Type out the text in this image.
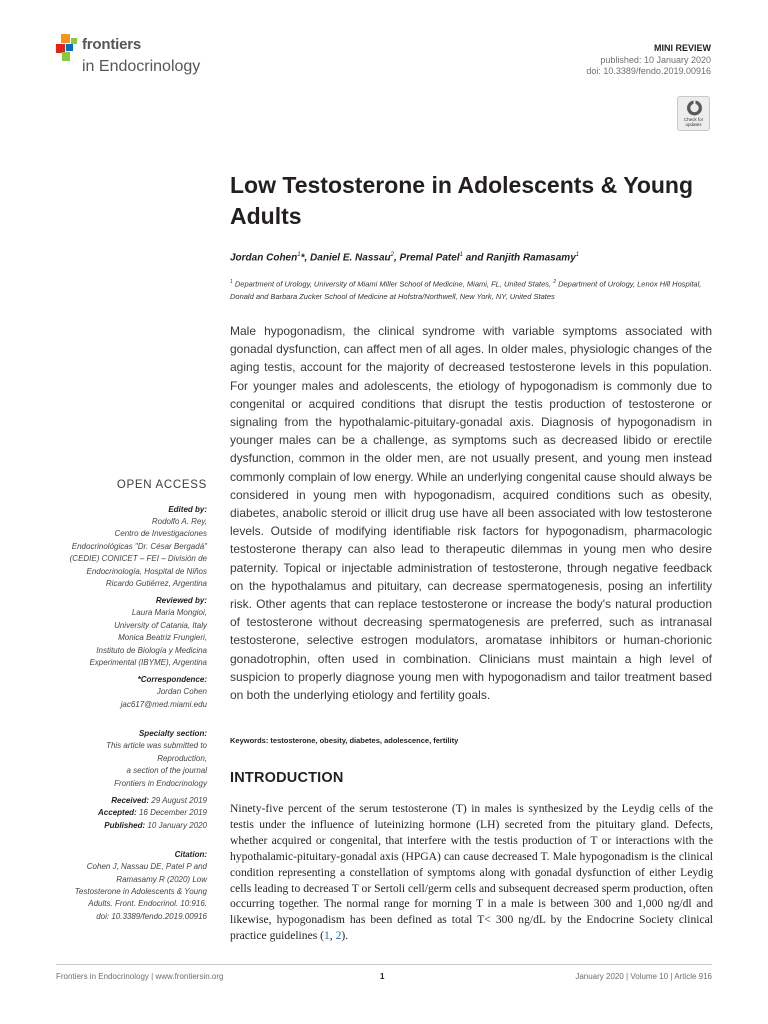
frontiers
in Endocrinology
MINI REVIEW
published: 10 January 2020
doi: 10.3389/fendo.2019.00916
Check for updates
Low Testosterone in Adolescents & Young Adults
Jordan Cohen$^1$*, Daniel E. Nassau$^2$, Premal Patel$^1$ and Ranjith Ramasamy$^1$
$^1$ Department of Urology, University of Miami Miller School of Medicine, Miami, FL, United States, $^2$ Department of Urology, Lenox Hill Hospital, Donald and Barbara Zucker School of Medicine at Hofstra/Northwell, New York, NY, United States

Male hypogonadism, the clinical syndrome with variable symptoms associated with gonadal dysfunction, can affect men of all ages. In older males, physiologic changes of the aging testis, account for the majority of decreased testosterone levels in this population. For younger males and adolescents, the etiology of hypogonadism is commonly due to congenital or acquired conditions that disrupt the testis production of testosterone or signaling from the hypothalamic-pituitary-gonadal axis. Diagnosis of hypogonadism in younger males can be a challenge, as symptoms such as decreased libido or erectile dysfunction, common in the older men, are not usually present, and young men instead commonly complain of low energy. While an underlying congenital cause should always be considered in young men with hypogonadism, acquired conditions such as obesity, diabetes, anabolic steroid or illicit drug use have all been associated with low testosterone levels. Outside of modifying identifiable risk factors for hypogonadism, pharmacologic testosterone therapy can also lead to therapeutic dilemmas in young men who desire paternity. Topical or injectable administration of testosterone, through negative feedback on the hypothalamus and pituitary, can decrease spermatogenesis, posing an infertility risk. Other agents that can replace testosterone or increase the body's natural production of testosterone without decreasing spermatogenesis are preferred, such as intranasal testosterone, selective estrogen modulators, aromatase inhibitors or human-chorionic gonadotrophin, often used in combination. Clinicians must maintain a high level of suspicion to properly diagnose young men with hypogonadism and tailor treatment based on both the underlying etiology and fertility goals.

Keywords: testosterone, obesity, diabetes, adolescence, fertility
OPEN ACCESS
Edited by:
Rodolfo A. Rey,
Centro de Investigaciones
Endocrinológicas "Dr. César Bergadá"
(CEDIE) CONICET – FEI – División de
Endocrinología, Hospital de Niños
Ricardo Gutiérrez, Argentina
Reviewed by:
Laura Maria Mongioi,
University of Catania, Italy
Monica Beatriz Frungieri,
Instituto de Biología y Medicina
Experimental (IBYME), Argentina
*Correspondence:
Jordan Cohen
jac617@med.miami.edu
Specialty section:
This article was submitted to
Reproduction,
a section of the journal
Frontiers in Endocrinology
Received: 29 August 2019
Accepted: 16 December 2019
Published: 10 January 2020
Citation:
Cohen J, Nassau DE, Patel P and
Ramasamy R (2020) Low
Testosterone in Adolescents & Young
Adults. Front. Endocrinol. 10:916.
doi: 10.3389/fendo.2019.00916
INTRODUCTION

Ninety-five percent of the serum testosterone (T) in males is synthesized by the Leydig cells of the testis under the influence of luteinizing hormone (LH) secreted from the pituitary gland. Defects, whether acquired or congenital, that interfere with the testis production of T or interactions with the hypothalamic-pituitary-gonadal axis (HPGA) can cause decreased T. Male hypogonadism is the clinical condition representing a constellation of symptoms along with gonadal dysfunction of either Leydig cells leading to decreased T or Sertoli cell/germ cells and subsequent decreased sperm production, often occurring together. The normal range for morning T in a male is between 300 and 1,000 ng/dl and likewise, hypogonadism has been defined as total T< 300 ng/dL by the Endocrine Society clinical practice guidelines (1, 2).

Frontiers in Endocrinology | www.frontiersin.org	1	January 2020 | Volume 10 | Article 916
